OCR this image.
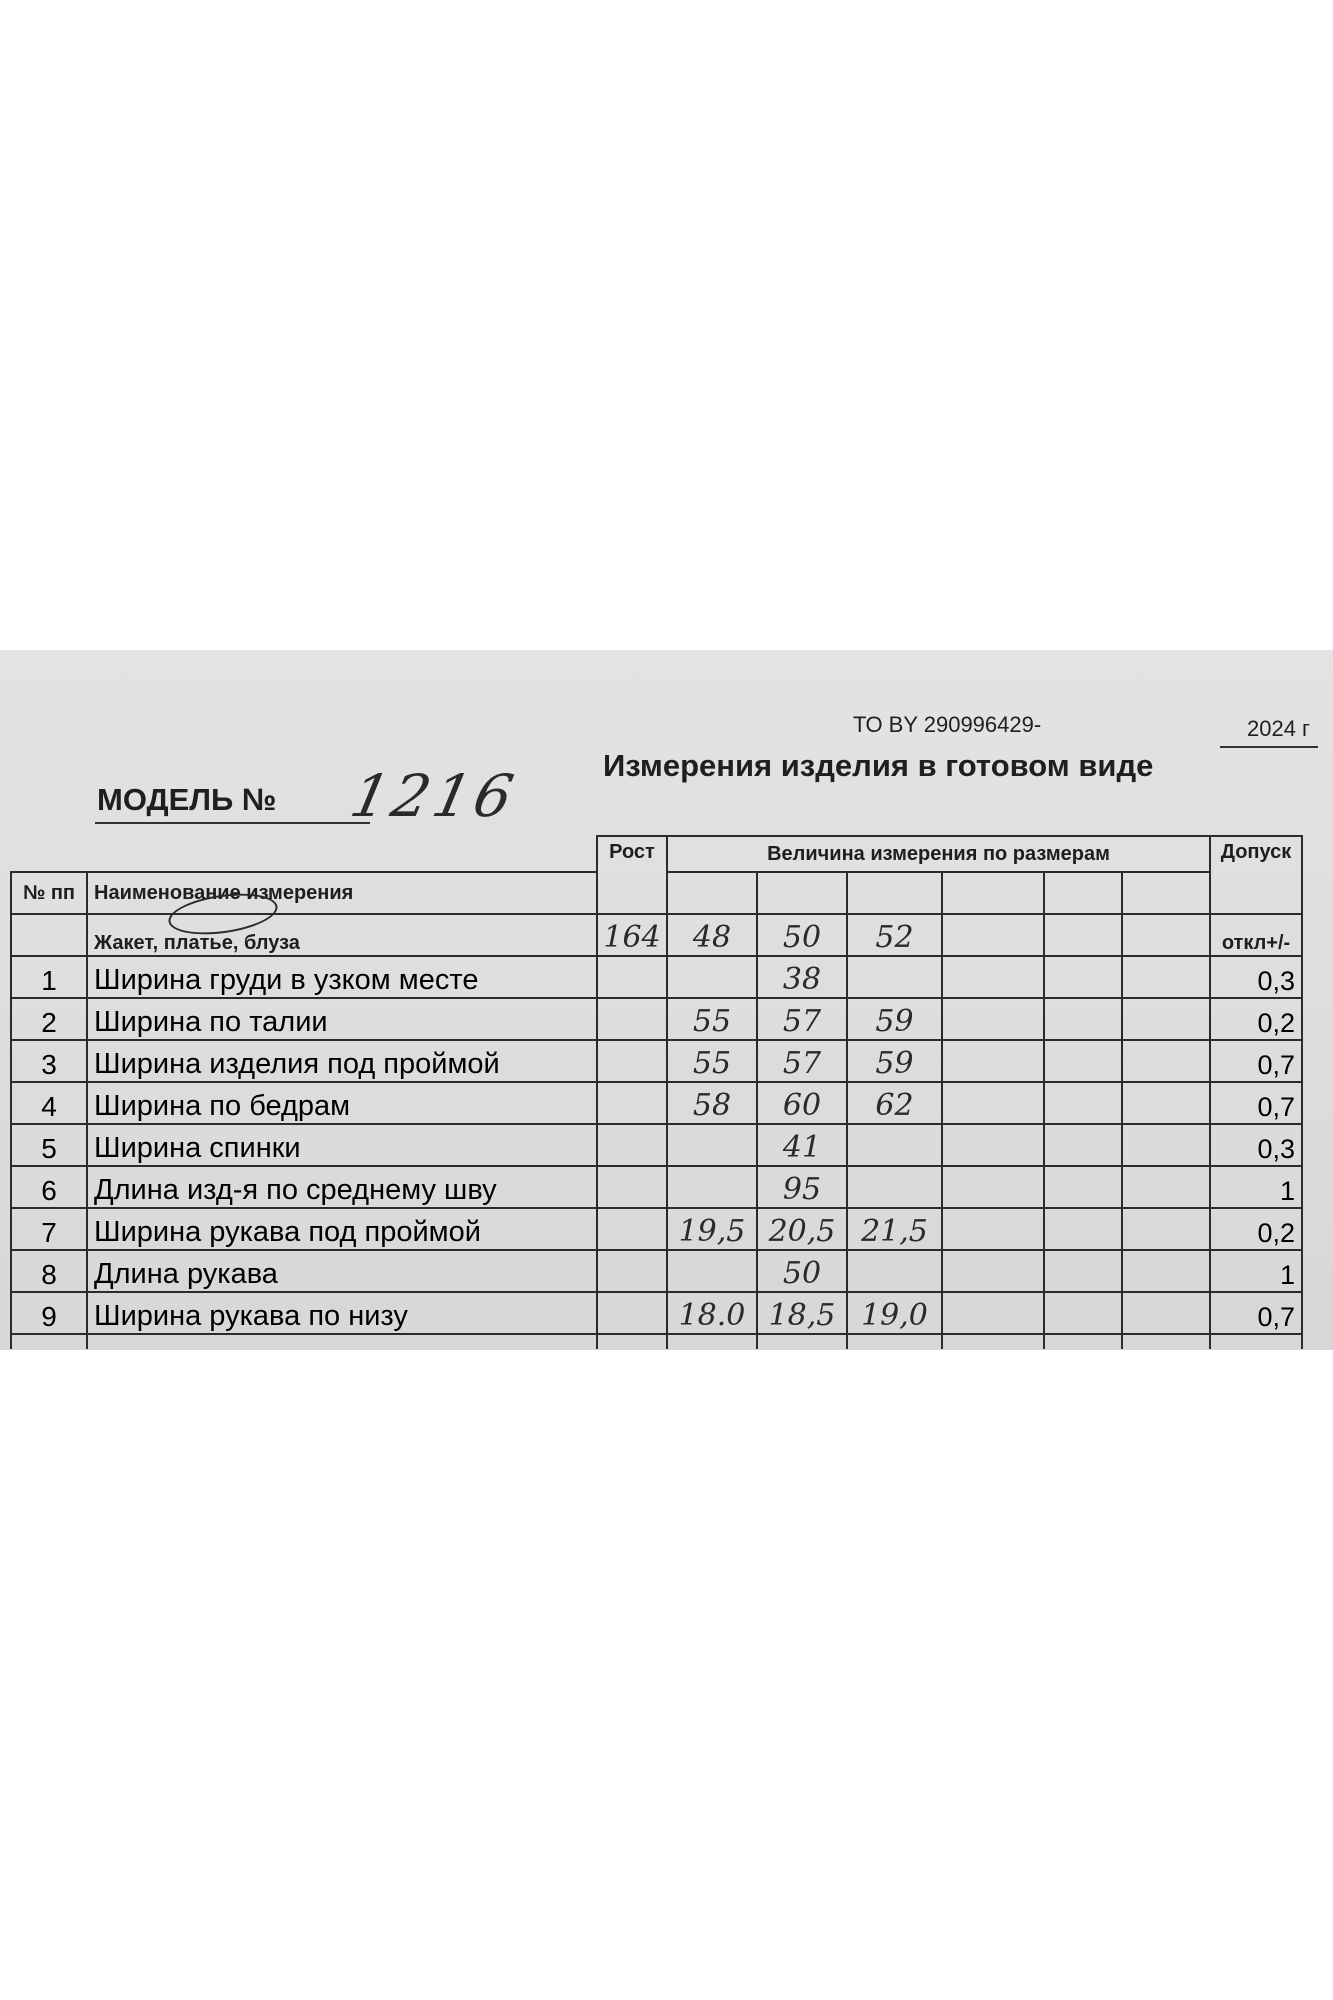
ТО BY 290996429-	2024 г
Измерения изделия в готовом виде
МОДЕЛЬ № 1216
		Рост	Величина измерения по размерам						Допуск
№ пп	Наименование измерения								
	Жакет, платье, блуза	164	48	50	52				откл+/-
1	Ширина груди в узком месте			38					0,3
2	Ширина по талии		55	57	59				0,2
3	Ширина изделия под проймой		55	57	59				0,7
4	Ширина по бедрам		58	60	62				0,7
5	Ширина спинки			41					0,3
6	Длина изд-я по среднему шву			95					1
7	Ширина рукава под проймой		19,5	20,5	21,5				0,2
8	Длина рукава			50					1
9	Ширина рукава по низу		18.0	18,5	19,0				0,7
